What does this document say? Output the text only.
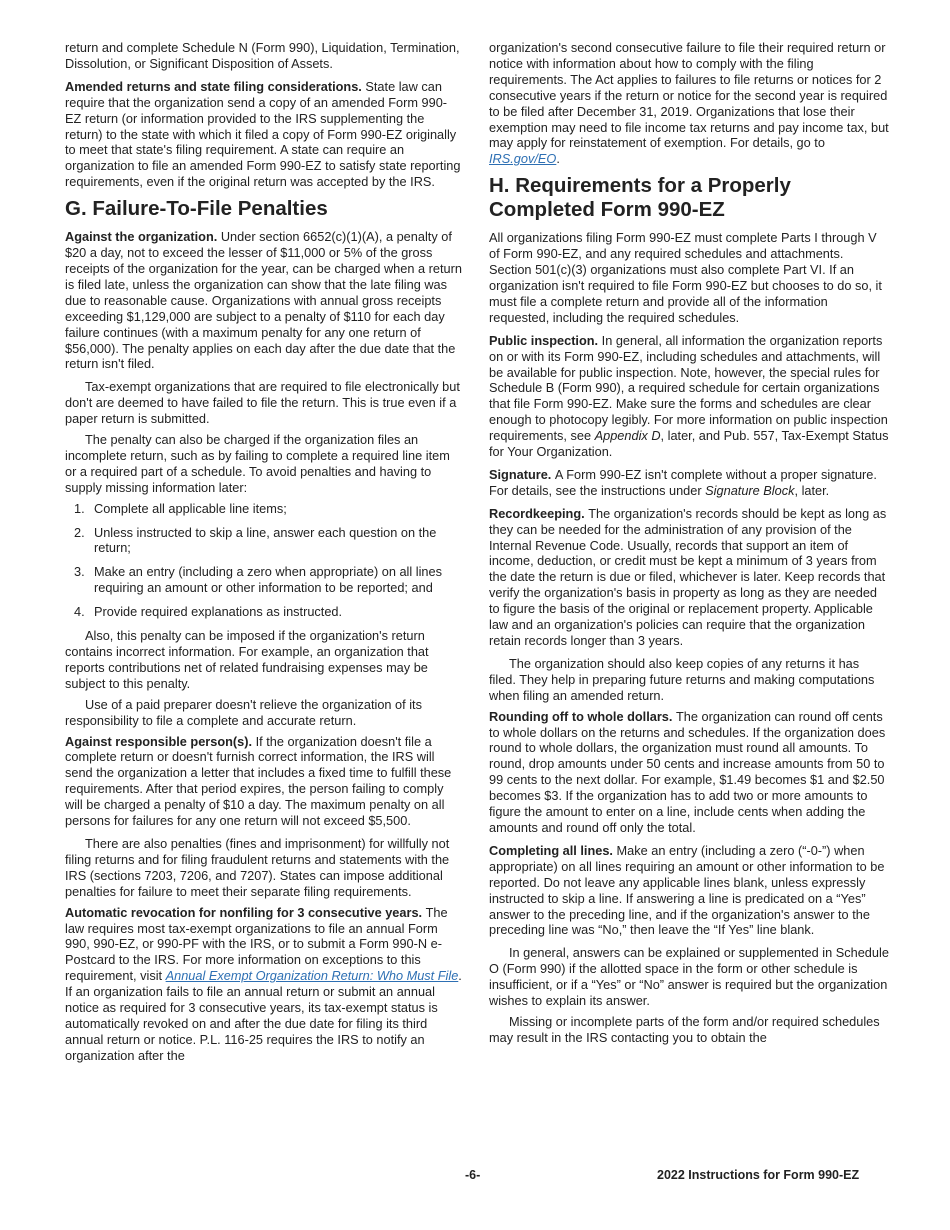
return and complete Schedule N (Form 990), Liquidation, Termination, Dissolution, or Significant Disposition of Assets.

Amended returns and state filing considerations. State law can require that the organization send a copy of an amended Form 990-EZ return (or information provided to the IRS supplementing the return) to the state with which it filed a copy of Form 990-EZ originally to meet that state's filing requirement. A state can require an organization to file an amended Form 990-EZ to satisfy state reporting requirements, even if the original return was accepted by the IRS.

G. Failure-To-File Penalties

Against the organization. Under section 6652(c)(1)(A), a penalty of $20 a day, not to exceed the lesser of $11,000 or 5% of the gross receipts of the organization for the year, can be charged when a return is filed late, unless the organization can show that the late filing was due to reasonable cause. Organizations with annual gross receipts exceeding $1,129,000 are subject to a penalty of $110 for each day failure continues (with a maximum penalty for any one return of $56,000). The penalty applies on each day after the due date that the return isn't filed.

Tax-exempt organizations that are required to file electronically but don't are deemed to have failed to file the return. This is true even if a paper return is submitted.

The penalty can also be charged if the organization files an incomplete return, such as by failing to complete a required line item or a required part of a schedule. To avoid penalties and having to supply missing information later:

1. Complete all applicable line items;
2. Unless instructed to skip a line, answer each question on the return;
3. Make an entry (including a zero when appropriate) on all lines requiring an amount or other information to be reported; and
4. Provide required explanations as instructed.

Also, this penalty can be imposed if the organization's return contains incorrect information. For example, an organization that reports contributions net of related fundraising expenses may be subject to this penalty.

Use of a paid preparer doesn't relieve the organization of its responsibility to file a complete and accurate return.

Against responsible person(s). If the organization doesn't file a complete return or doesn't furnish correct information, the IRS will send the organization a letter that includes a fixed time to fulfill these requirements. After that period expires, the person failing to comply will be charged a penalty of $10 a day. The maximum penalty on all persons for failures for any one return will not exceed $5,500.

There are also penalties (fines and imprisonment) for willfully not filing returns and for filing fraudulent returns and statements with the IRS (sections 7203, 7206, and 7207). States can impose additional penalties for failure to meet their separate filing requirements.

Automatic revocation for nonfiling for 3 consecutive years. The law requires most tax-exempt organizations to file an annual Form 990, 990-EZ, or 990-PF with the IRS, or to submit a Form 990-N e-Postcard to the IRS. For more information on exceptions to this requirement, visit Annual Exempt Organization Return: Who Must File. If an organization fails to file an annual return or submit an annual notice as required for 3 consecutive years, its tax-exempt status is automatically revoked on and after the due date for filing its third annual return or notice. P.L. 116-25 requires the IRS to notify an organization after the

organization's second consecutive failure to file their required return or notice with information about how to comply with the filing requirements. The Act applies to failures to file returns or notices for 2 consecutive years if the return or notice for the second year is required to be filed after December 31, 2019. Organizations that lose their exemption may need to file income tax returns and pay income tax, but may apply for reinstatement of exemption. For details, go to IRS.gov/EO.

H. Requirements for a Properly Completed Form 990-EZ

All organizations filing Form 990-EZ must complete Parts I through V of Form 990-EZ, and any required schedules and attachments. Section 501(c)(3) organizations must also complete Part VI. If an organization isn't required to file Form 990-EZ but chooses to do so, it must file a complete return and provide all of the information requested, including the required schedules.

Public inspection. In general, all information the organization reports on or with its Form 990-EZ, including schedules and attachments, will be available for public inspection. Note, however, the special rules for Schedule B (Form 990), a required schedule for certain organizations that file Form 990-EZ. Make sure the forms and schedules are clear enough to photocopy legibly. For more information on public inspection requirements, see Appendix D, later, and Pub. 557, Tax-Exempt Status for Your Organization.

Signature. A Form 990-EZ isn't complete without a proper signature. For details, see the instructions under Signature Block, later.

Recordkeeping. The organization's records should be kept as long as they can be needed for the administration of any provision of the Internal Revenue Code. Usually, records that support an item of income, deduction, or credit must be kept a minimum of 3 years from the date the return is due or filed, whichever is later. Keep records that verify the organization's basis in property as long as they are needed to figure the basis of the original or replacement property. Applicable law and an organization's policies can require that the organization retain records longer than 3 years.

The organization should also keep copies of any returns it has filed. They help in preparing future returns and making computations when filing an amended return.

Rounding off to whole dollars. The organization can round off cents to whole dollars on the returns and schedules. If the organization does round to whole dollars, the organization must round all amounts. To round, drop amounts under 50 cents and increase amounts from 50 to 99 cents to the next dollar. For example, $1.49 becomes $1 and $2.50 becomes $3. If the organization has to add two or more amounts to figure the amount to enter on a line, include cents when adding the amounts and round off only the total.

Completing all lines. Make an entry (including a zero (“-0-”) when appropriate) on all lines requiring an amount or other information to be reported. Do not leave any applicable lines blank, unless expressly instructed to skip a line. If answering a line is predicated on a “Yes” answer to the preceding line, and if the organization's answer to the preceding line was “No,” then leave the “If Yes” line blank.

In general, answers can be explained or supplemented in Schedule O (Form 990) if the allotted space in the form or other schedule is insufficient, or if a “Yes” or “No” answer is required but the organization wishes to explain its answer.

Missing or incomplete parts of the form and/or required schedules may result in the IRS contacting you to obtain the

-6-	2022 Instructions for Form 990-EZ
